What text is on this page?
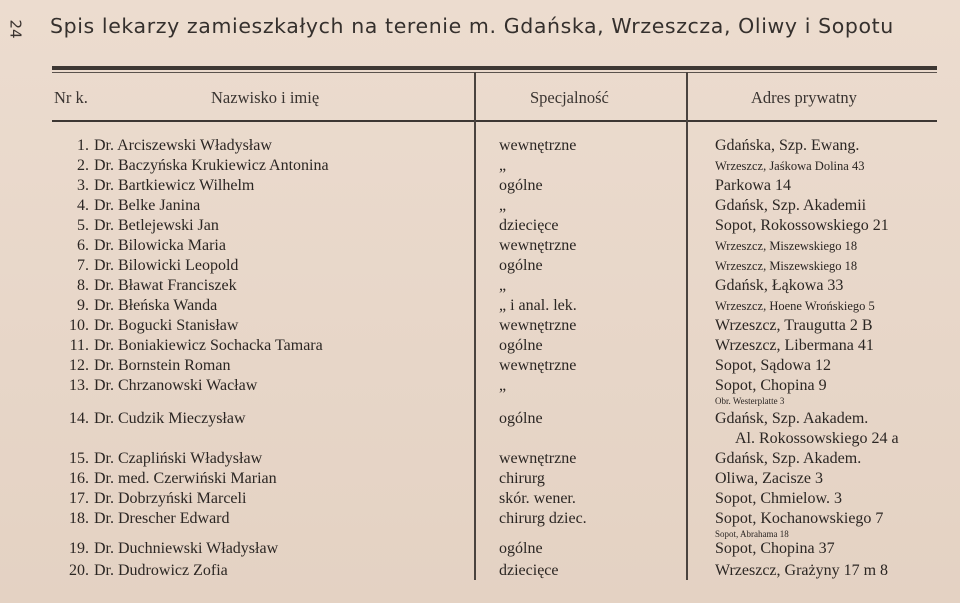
24 Spis lekarzy zamieszkałych na terenie m. Gdańska, Wrzeszcza, Oliwy i Sopotu
Nr k.	Nazwisko i imię	Specjalność	Adres prywatny
1. Dr. Arciszewski Władysław	wewnętrzne	Gdańska, Szp. Ewang.
2. Dr. Baczyńska Krukiewicz Antonina	„	Wrzeszcz, Jaśkowa Dolina 43
3. Dr. Bartkiewicz Wilhelm	ogólne	Parkowa 14
4. Dr. Belke Janina	„	Gdańsk, Szp. Akademii
5. Dr. Betlejewski Jan	dziecięce	Sopot, Rokossowskiego 21
6. Dr. Bilowicka Maria	wewnętrzne	Wrzeszcz, Miszewskiego 18
7. Dr. Bilowicki Leopold	ogólne	Wrzeszcz, Miszewskiego 18
8. Dr. Bławat Franciszek	„	Gdańsk, Łąkowa 33
9. Dr. Błeńska Wanda	„ i anal. lek.	Wrzeszcz, Hoene Wrońskiego 5
10. Dr. Bogucki Stanisław	wewnętrzne	Wrzeszcz, Traugutta 2 B
11. Dr. Boniakiewicz Sochacka Tamara	ogólne	Wrzeszcz, Libermana 41
12. Dr. Bornstein Roman	wewnętrzne	Sopot, Sądowa 12
13. Dr. Chrzanowski Wacław	„	Sopot, Chopina 9
Obr. Westerplatte 3
14. Dr. Cudzik Mieczysław	ogólne	Gdańsk, Szp. Aakadem.
Al. Rokossowskiego 24 a
15. Dr. Czapliński Władysław	wewnętrzne	Gdańsk, Szp. Akadem.
16. Dr. med. Czerwiński Marian	chirurg	Oliwa, Zacisze 3
17. Dr. Dobrzyński Marceli	skór. wener.	Sopot, Chmielow. 3
18. Dr. Drescher Edward	chirurg dziec.	Sopot, Kochanowskiego 7
Sopot, Abrahama 18
19. Dr. Duchniewski Władysław	ogólne	Sopot, Chopina 37
20. Dr. Dudrowicz Zofia	dziecięce	Wrzeszcz, Grażyny 17 m 8
